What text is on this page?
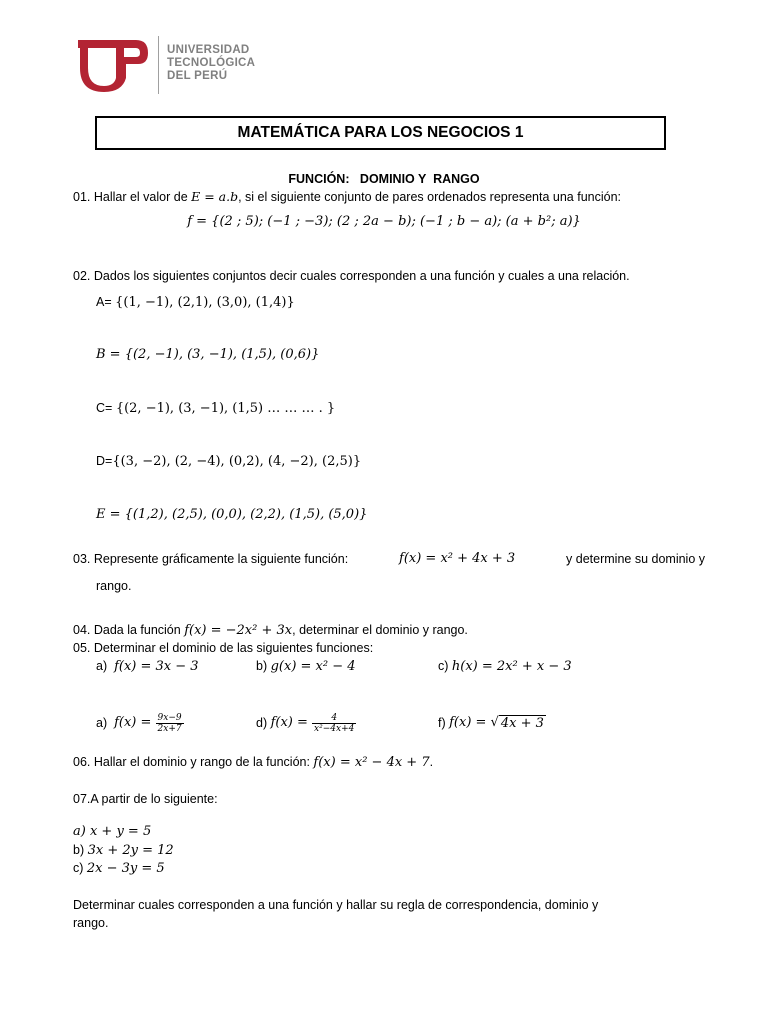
UNIVERSIDAD
TECNOLÓGICA
DEL PERÚ
MATEMÁTICA PARA LOS NEGOCIOS 1
FUNCIÓN:   DOMINIO Y  RANGO
01. Hallar el valor de E = a.b, si el siguiente conjunto de pares ordenados representa una función:
f = {(2 ; 5); (−1 ; −3); (2 ; 2a − b); (−1 ; b − a); (a + b²; a)}
02. Dados los siguientes conjuntos decir cuales corresponden a una función y cuales a una relación.
A= {(1, −1), (2,1), (3,0), (1,4)}
B = {(2, −1), (3, −1), (1,5), (0,6)}
C= {(2, −1), (3, −1), (1,5) … … … . }
D={(3, −2), (2, −4), (0,2), (4, −2), (2,5)}
E = {(1,2), (2,5), (0,0), (2,2), (1,5), (5,0)}
03. Represente gráficamente la siguiente función:	f(x) = x² + 4x + 3	y determine su dominio y
rango.
04. Dada la función f(x) = −2x² + 3x, determinar el dominio y rango.
05. Determinar el dominio de las siguientes funciones:
a)  f(x) = 3x − 3	b) g(x) = x² − 4	c) h(x) = 2x² + x − 3
a) $f(x) = \frac{9x-9}{2x+7}$	d) $f(x) = \frac{4}{\text{x²−4x+4}}$	f) f(x) = √ 4x + 3
06. Hallar el dominio y rango de la función: f(x) = x² − 4x + 7.
07.A partir de lo siguiente:
a) x + y = 5
b) 3x + 2y = 12
c) 2x − 3y = 5
Determinar cuales corresponden a una función y hallar su regla de correspondencia, dominio y
rango.
